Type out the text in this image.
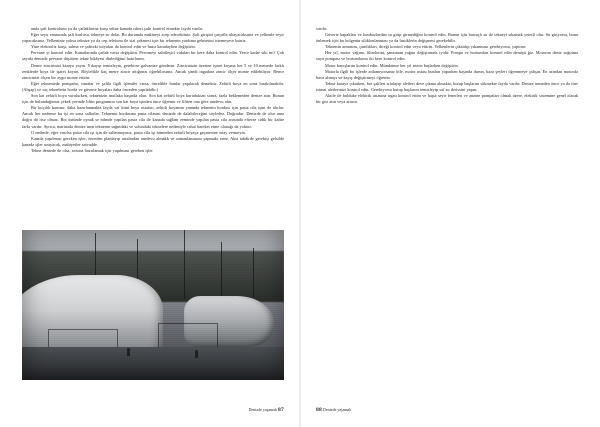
anda şaft kontrolunu ya da çatlaklarına karşı tekne kanada ıskeri şaftı kontrol etmekte fayda vardır.

Eğer seyir esnasında şaft kırılırsa, tekneye su dolar. Bu durumda makineyi acep edecektiniz. Şaft girişini çatçafla tıkayacaksınız ve yelkenle seyir yapacaksınız. Yelkeniniz yoksa teknize ya da cep telefonu ile sizi çekmesi için bir teknenin yardıma gelmesini istemeyece ksiniz.

Yine elektroliz karşı, salma ve şaftraki tutyaları da kontrol edin ve hazır karadayken değiştirin.

Pervane yi kontrol edin. Kanatlarında çatlak varsa değiştirin. Pervaneyi sabitleşici vidaları bir kere daha kontrol edin. Yerce kadar sıkı mı? Çok sayıda denizde pervane düştüren tekne hikâyesi dinlediğimi hatırlarım.

Demir zincirinizi karaya yayın. Yıkayıp temizleyin, gerekirse galvanize gönderin. Zincirinizin üzerine işaret koyma her 5 ve 10 metrede farklı renklerde boya ile işaret koyun. Böylelikle kaç metre zincir attığınızı öğrebilirsiniz. Ancak şimdi ingadara zincir ölçer monte edilebiliyor. Bence zincirinizi ölçen bir aygıt monte ettirin.

Eğer teknenizde pompalar, vanalar ve şaftla ilgili işlemler varsa, öncelikle bunlar yapılacak demektir. Zehirli boya en sona bırakılmalıdır. (Ahşap) ve saç teknelerin borda ve güverte boyaları daha önceden yapılabilir.)

Son kat zehirli boya vurulurken, teknenizin mutlaka başında olun. Son kat zehirli boya kuruduktan sonra, fazla beklemeden denize atın. Bunun için de bulunduğunuz çekek yerinde liftin programını son kat boya işinden önce öğrenin ve liftten ona göre randevu alın.

Bir kıtçılık konusu: daha hazırlanmakta fayda var kimi boya ustaları, zehirli boyamın yanında teknenin bordası için pasta cila işini de alırlar. Ancak her nedense bu işi en sona sallarlar. Teknenin bordasına pasta cilasını denizde de dalabileceğini söyledez. Doğrudur. Denizde de olur ama doğru dü rtsz olmaz. Bot üstünde oynak se mîmde yapılan pasta cila ile kanada sağlam zeminde yapılan pasta cila arasında efterze cidik bir kalite farkı vardır. Ayrıca, marinada denize inen teknenin sağındaki ve solundaki teknelere nedeniyle rahat hareket etme olanağı da yoktur.

O nedenle, eğer vasıfsa pasta cila işi için de sallatmayınız, pasta cila işi bitmeden zehirli boyaya geçmesine onay vermeyin.

Kamda yapılması gereken işler, önceden planlayıp ustalardan randevu almakk ve zamanlamasını yapmakr zrmr. Aksi takdirde gerekişi gelsilde kanada işler uzayacak, mahiyetler satvadde.

Tekne denizde de olsa, sezona hazırlamak için yapılması gereken işler

Denizde yaşamak 87

vardır.

Güverte kapakları ve lumbozlardan su girip girmediğini kontrol edin. Bunun için basınçlı su ile tekneyi sıkamak yeterli olur. Su giriyorsa, bunu önlemek için bu bölgenin siliklonlanması ya da lastiklerin değişmesi gerekebilir.

Teknenin armasını, çamlıkları, direği kontrol edin veya ettirin. Yelkenlerin çikatılıp yıkanması gerekiyorsa, yaptırın.

Her yıl, motor yağına, filtrelerini, şanzıman yağını değiştirmek iyidir. Pompa ve hortumları kontrol edin demişti ğiz. Motorun deniz soğutma suyu pompası ve hortumlarını iki kere kontrol edin.

Motor kayışlarını kontrol edin. Mümkünse her yıl sezon başlarken değiştirin.

Motorla ilgili bu işlerde anlamıyorsanız bile, motor ustası bunları yaparken başında durun, baza şeyleri öğrenmeye çalışın. En azından motorda hava almayı ve kayış değiştirmeyi öğrenin.

Tekne karaya çıkarken, bot şaltleri sıfalayıp aletleri deve çıkma almakta, kutup başlarını sökmekte fayda vardır. Denize inmeden önce ya da tüer isimat aletlerinizi kontrol edin. Gerekiyorsa kutup başlarını temizleyip saf su ıkvissini yapın.

Aktile ile bulduke elektrik ustasına ırgatı kontrol ettim ve başta seyir fenerleri ve anzine pompaları olmak üzere, elektrik sistemine genel olarak bir göz atın veya attırın.

88 Denizde yaşamak
